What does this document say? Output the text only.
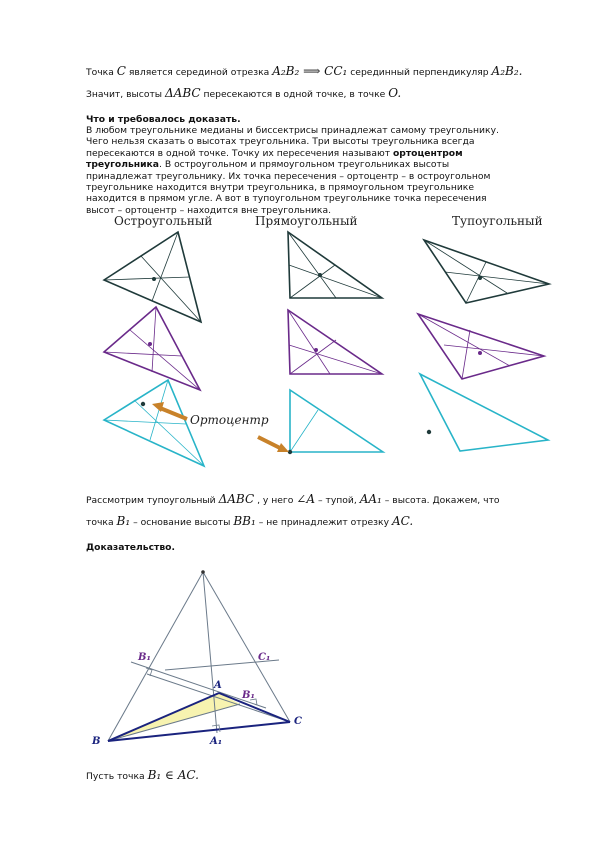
Точка C является серединой отрезка A₂B₂ ⟹ CC₁ серединный перпендикуляр A₂B₂.
Значит, высоты ΔABC пересекаются в одной точке, в точке O.
Что и требовалось доказать.
В любом треугольнике медианы и биссектрисы принадлежат самому треугольнику. Чего нельзя сказать о высотах треугольника. Три высоты треугольника всегда пересекаются в одной точке. Точку их пересечения называют ортоцентром треугольника. В остроугольном и прямоугольном треугольниках высоты принадлежат треугольнику. Их точка пересечения – ортоцентр – в остроугольном треугольнике находится внутри треугольника, в прямоугольном треугольнике находится в прямом угле. А вот в тупоугольном треугольнике точка пересечения высот – ортоцентр – находится вне треугольника.
Остроугольный	Прямоугольный	Тупоугольный
Ортоцентр
Рассмотрим тупоугольный ΔABC , у него ∠A – тупой, AA₁ – высота. Докажем, что
точка B₁ – основание высоты BB₁ – не принадлежит отрезку AC.
Доказательство.
B₁	C₁
A
B₁
B
C
A₁
Пусть точка B₁ ∈ AC.
